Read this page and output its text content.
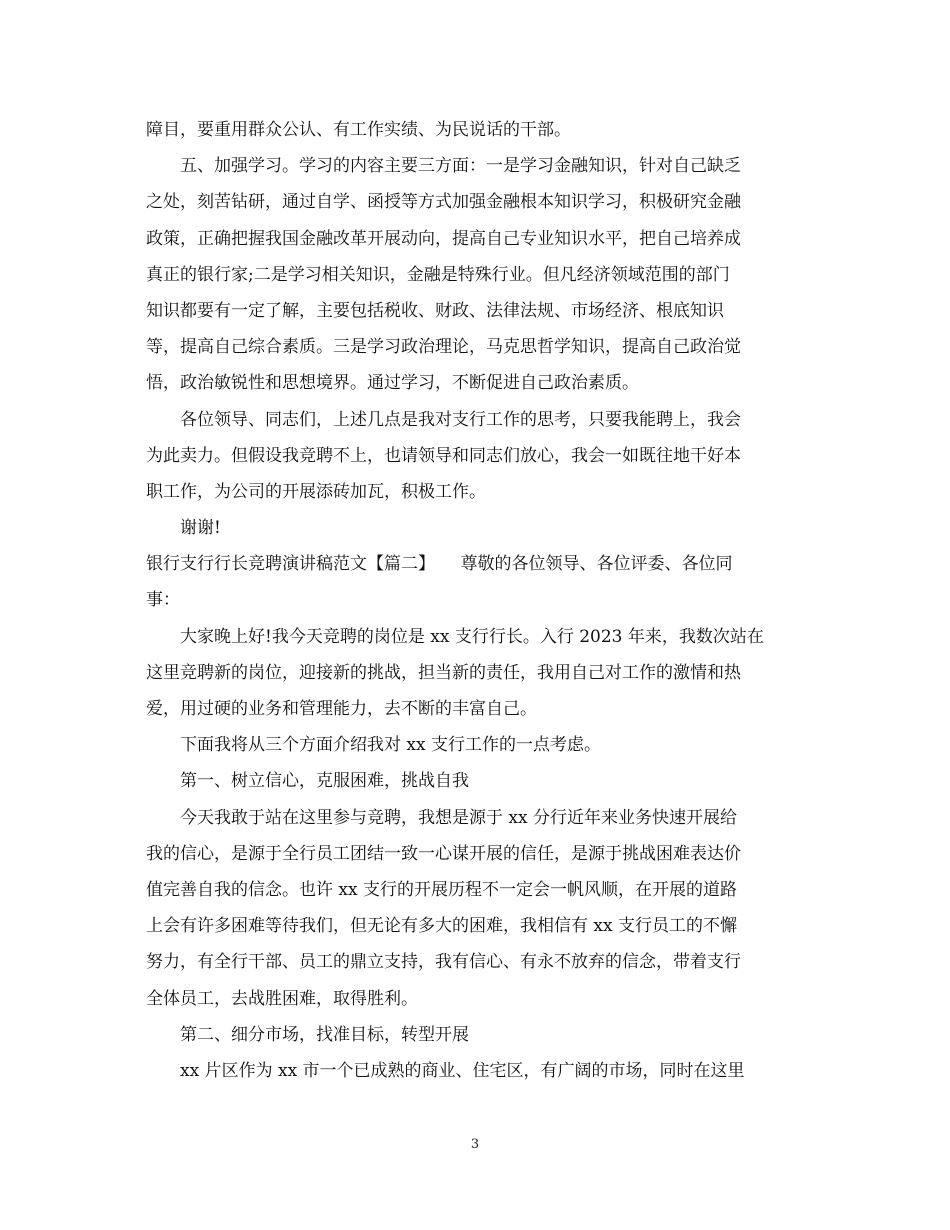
障目，要重用群众公认、有工作实绩、为民说话的干部。
五、加强学习。学习的内容主要三方面：一是学习金融知识，针对自己缺乏
之处，刻苦钻研，通过自学、函授等方式加强金融根本知识学习，积极研究金融
政策，正确把握我国金融改革开展动向，提高自己专业知识水平，把自己培养成
真正的银行家;二是学习相关知识，金融是特殊行业。但凡经济领域范围的部门
知识都要有一定了解，主要包括税收、财政、法律法规、市场经济、根底知识
等，提高自己综合素质。三是学习政治理论，马克思哲学知识，提高自己政治觉
悟，政治敏锐性和思想境界。通过学习，不断促进自己政治素质。
各位领导、同志们，上述几点是我对支行工作的思考，只要我能聘上，我会
为此卖力。但假设我竞聘不上，也请领导和同志们放心，我会一如既往地干好本
职工作，为公司的开展添砖加瓦，积极工作。
谢谢!
银行支行行长竞聘演讲稿范文【篇二】　　尊敬的各位领导、各位评委、各位同
事：
大家晚上好!我今天竞聘的岗位是 xx 支行行长。入行 2023 年来，我数次站在
这里竞聘新的岗位，迎接新的挑战，担当新的责任，我用自己对工作的激情和热
爱，用过硬的业务和管理能力，去不断的丰富自己。
下面我将从三个方面介绍我对 xx 支行工作的一点考虑。
第一、树立信心，克服困难，挑战自我
今天我敢于站在这里参与竞聘，我想是源于 xx 分行近年来业务快速开展给
我的信心，是源于全行员工团结一致一心谋开展的信任，是源于挑战困难表达价
值完善自我的信念。也许 xx 支行的开展历程不一定会一帆风顺，在开展的道路
上会有许多困难等待我们，但无论有多大的困难，我相信有 xx 支行员工的不懈
努力，有全行干部、员工的鼎立支持，我有信心、有永不放弃的信念，带着支行
全体员工，去战胜困难，取得胜利。
第二、细分市场，找准目标，转型开展
xx 片区作为 xx 市一个已成熟的商业、住宅区，有广阔的市场，同时在这里
3
